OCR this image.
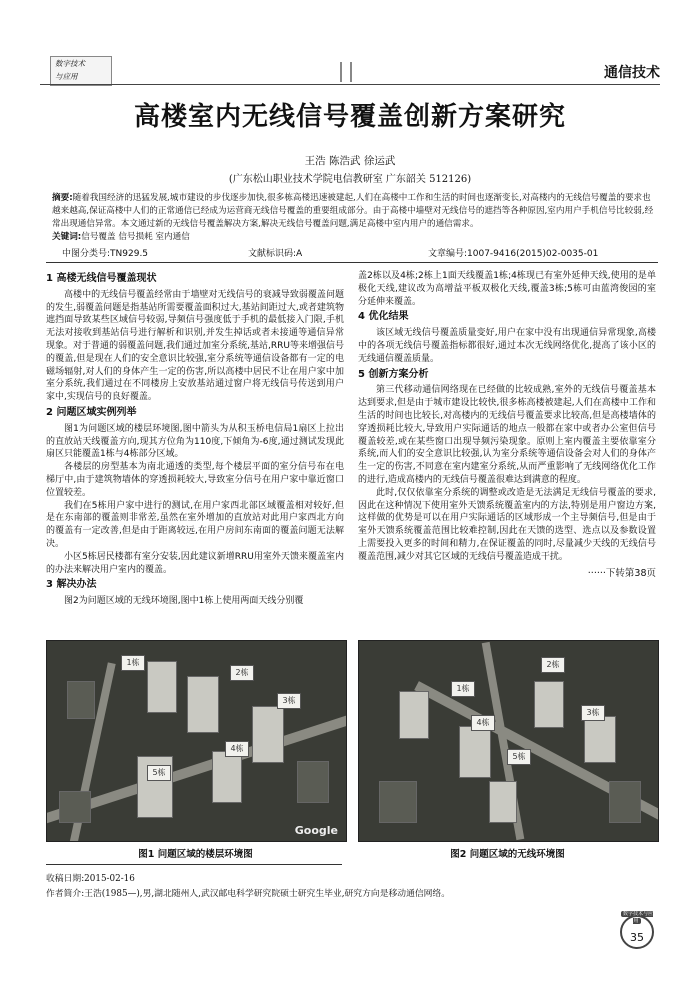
数字技术
与应用	通信技术
高楼室内无线信号覆盖创新方案研究
王浩 陈浩武 徐运武
(广东松山职业技术学院电信教研室 广东韶关 512126)
摘要:随着我国经济的迅猛发展,城市建设的步伐逐步加快,很多栋高楼迅速被建起,人们在高楼中工作和生活的时间也逐渐变长,对高楼内的无线信号覆盖的要求也越来越高,保证高楼中人们的正常通信已经成为运营商无线信号覆盖的重要组成部分。由于高楼中墙壁对无线信号的遮挡等各种原因,室内用户手机信号比较弱,经常出现通信异常。本文通过新的无线信号覆盖解决方案,解决无线信号覆盖问题,满足高楼中室内用户的通信需求。
关键词:信号覆盖 信号损耗 室内通信
中图分类号:TN929.5	文献标识码:A	文章编号:1007-9416(2015)02-0035-01
1 高楼无线信号覆盖现状

高楼中的无线信号覆盖经常由于墙壁对无线信号的衰减导致弱覆盖问题的发生,弱覆盖问题是指基站所需要覆盖面积过大,基站间距过大,或者建筑物遮挡面导致某些区域信号较弱,导频信号强度低于手机的最低接入门限,手机无法对接收到基站信号进行解析和识别,并发生掉话或者未接通等通信异常现象。对于普通的弱覆盖问题,我们通过加室分系统,基站,RRU等来增强信号的覆盖,但是现在人们的安全意识比较强,室分系统等通信设备都有一定的电磁场辐射,对人们的身体产生一定的伤害,所以高楼中居民不让在用户家中加室分系统,我们通过在不同楼房上安放基站通过窗户将无线信号传送到用户家中,实现信号的良好覆盖。

2 问题区域实例列举

图1为问题区域的楼层环境图,图中箭头为从积玉桥电信局1扇区上拉出的直放站天线覆盖方向,现其方位角为110度,下倾角为-6度,通过测试发现此扇区只能覆盖1栋与4栋部分区域。

各楼层的房型基本为南北通透的类型,每个楼层平面的室分信号布在电梯厅中,由于建筑物墙体的穿透损耗较大,导致室分信号在用户家中靠近窗口位置较差。

我们在5栋用户家中进行的测试,在用户家西北部区域覆盖相对较好,但是在东南部的覆盖则非常差,虽然在室外增加的直放站对此用户家西北方向的覆盖有一定改善,但是由于距离较远,在用户房间东南面的覆盖问题无法解决。

小区5栋居民楼都有室分安装,因此建议新增RRU用室外天馈来覆盖室内的办法来解决用户室内的覆盖。

3 解决办法

图2为问题区域的无线环境图,图中1栋上使用两面天线分别覆

盖2栋以及4栋;2栋上1面天线覆盖1栋;4栋现已有室外延伸天线,使用的是单极化天线,建议改为高增益平板双极化天线,覆盖3栋;5栋可由蓝湾俊园的室分延伸来覆盖。

4 优化结果

该区域无线信号覆盖质量变好,用户在家中没有出现通信异常现象,高楼中的各项无线信号覆盖指标都很好,通过本次无线网络优化,提高了该小区的无线通信覆盖质量。

5 创新方案分析

第三代移动通信网络现在已经做的比较成熟,室外的无线信号覆盖基本达到要求,但是由于城市建设比较快,很多栋高楼被建起,人们在高楼中工作和生活的时间也比较长,对高楼内的无线信号覆盖要求比较高,但是高楼墙体的穿透损耗比较大,导致用户实际通话的地点一般都在家中或者办公室但信号覆盖较差,或在某些窗口出现导频污染现象。原则上室内覆盖主要依靠室分系统,而人们的安全意识比较强,认为室分系统等通信设备会对人们的身体产生一定的伤害,不同意在室内建室分系统,从而严重影响了无线网络优化工作的进行,造成高楼内的无线信号覆盖很难达到满意的程度。

此时,仅仅依靠室分系统的调整或改造是无法满足无线信号覆盖的要求,因此在这种情况下使用室外天馈系统覆盖室内的方法,特别是用户窗边方案,这样做的优势是可以在用户实际通话的区域形成一个主导频信号,但是由于室外天馈系统覆盖范围比较难控制,因此在天馈的选型、选点以及参数设置上需要投入更多的时间和精力,在保证覆盖的同时,尽量减少天线的无线信号覆盖范围,减少对其它区域的无线信号覆盖造成干扰。

······下转第38页
1栋
2栋
3栋
4栋
5栋
Google
图1 问题区域的楼层环境图
1栋
2栋
3栋
4栋
5栋
图2 问题区域的无线环境图
收稿日期:2015-02-16
作者简介:王浩(1985—),男,湖北随州人,武汉邮电科学研究院硕士研究生毕业,研究方向是移动通信网络。
35
数字技术与应用
